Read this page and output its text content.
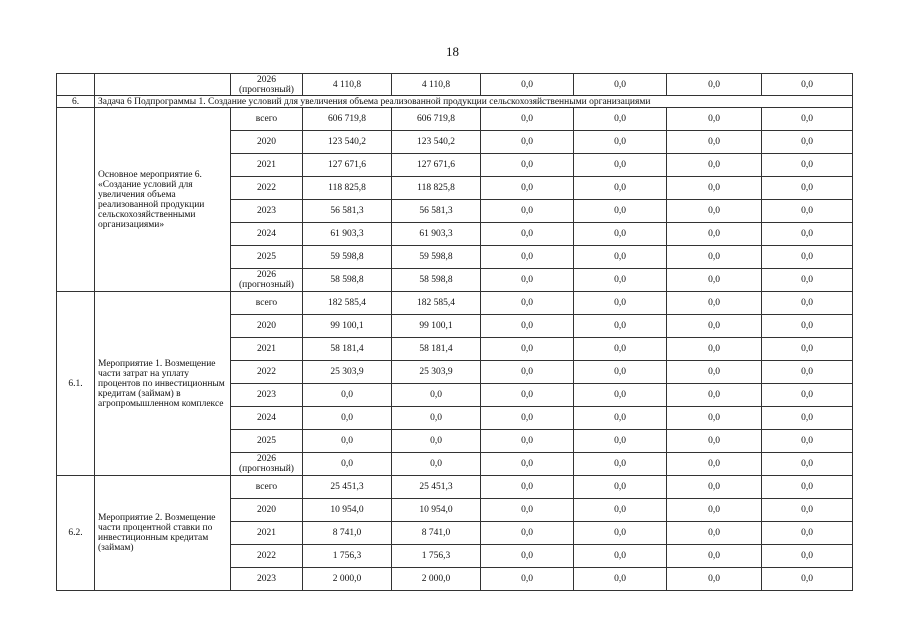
18
		2026
(прогнозный)	4 110,8	4 110,8	0,0	0,0	0,0	0,0
6.	Задача 6 Подпрограммы 1. Создание условий для увеличения объема реализованной продукции сельскохозяйственными организациями							
	Основное мероприятие 6. «Создание условий для увеличения объема реализованной продукции сельскохозяйственными организациями»	всего	606 719,8	606 719,8	0,0	0,0	0,0	0,0
		2020	123 540,2	123 540,2	0,0	0,0	0,0	0,0
		2021	127 671,6	127 671,6	0,0	0,0	0,0	0,0
		2022	118 825,8	118 825,8	0,0	0,0	0,0	0,0
		2023	56 581,3	56 581,3	0,0	0,0	0,0	0,0
		2024	61 903,3	61 903,3	0,0	0,0	0,0	0,0
		2025	59 598,8	59 598,8	0,0	0,0	0,0	0,0
		2026
(прогнозный)	58 598,8	58 598,8	0,0	0,0	0,0	0,0
6.1.	Мероприятие 1. Возмещение части затрат на уплату процентов по инвестиционным кредитам (займам) в агропромышленном комплексе	всего	182 585,4	182 585,4	0,0	0,0	0,0	0,0
		2020	99 100,1	99 100,1	0,0	0,0	0,0	0,0
		2021	58 181,4	58 181,4	0,0	0,0	0,0	0,0
		2022	25 303,9	25 303,9	0,0	0,0	0,0	0,0
		2023	0,0	0,0	0,0	0,0	0,0	0,0
		2024	0,0	0,0	0,0	0,0	0,0	0,0
		2025	0,0	0,0	0,0	0,0	0,0	0,0
		2026
(прогнозный)	0,0	0,0	0,0	0,0	0,0	0,0
6.2.	Мероприятие 2. Возмещение части процентной ставки по инвестиционным кредитам (займам)	всего	25 451,3	25 451,3	0,0	0,0	0,0	0,0
		2020	10 954,0	10 954,0	0,0	0,0	0,0	0,0
		2021	8 741,0	8 741,0	0,0	0,0	0,0	0,0
		2022	1 756,3	1 756,3	0,0	0,0	0,0	0,0
		2023	2 000,0	2 000,0	0,0	0,0	0,0	0,0
